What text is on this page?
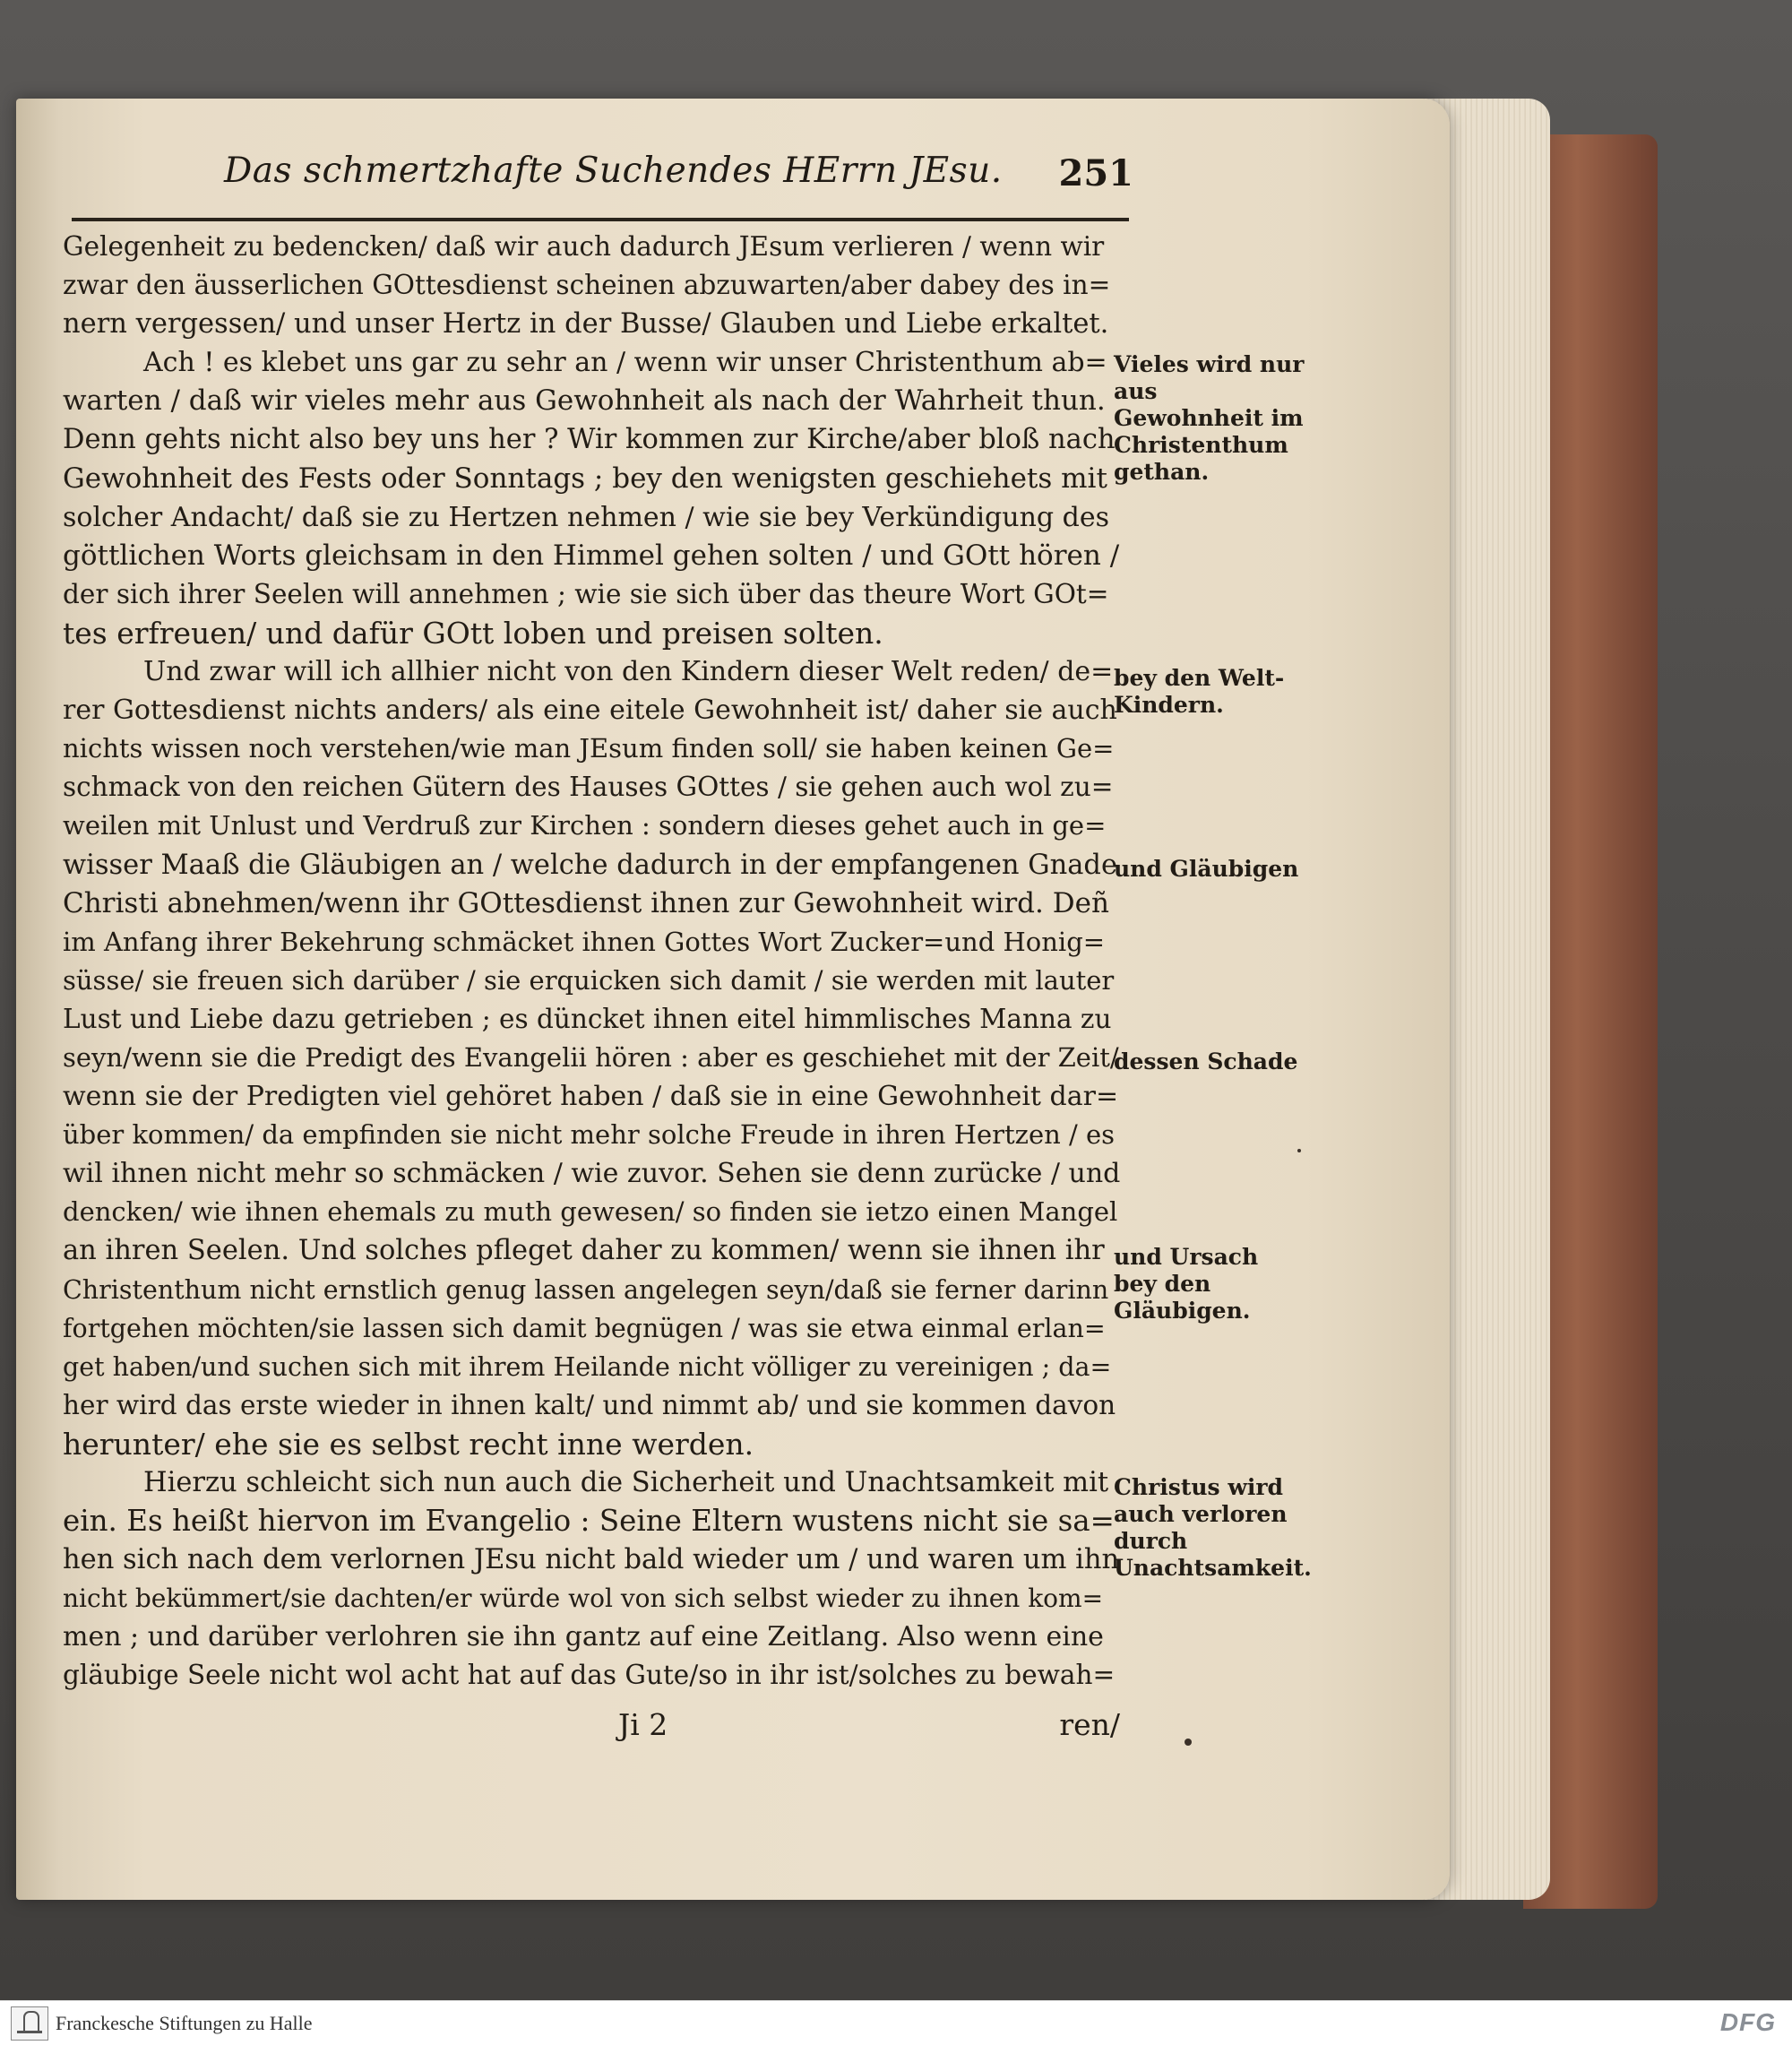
Das schmertzhafte Suchendes HErrn JEsu. 251
Gelegenheit zu bedencken/ daß wir auch dadurch JEsum verlieren / wenn wir
zwar den äusserlichen GOttesdienst scheinen abzuwarten/aber dabey des in=
nern vergessen/ und unser Hertz in der Busse/ Glauben und Liebe erkaltet.
Ach ! es klebet uns gar zu sehr an / wenn wir unser Christenthum ab=
warten / daß wir vieles mehr aus Gewohnheit als nach der Wahrheit thun.
Denn gehts nicht also bey uns her ? Wir kommen zur Kirche/aber bloß nach
Gewohnheit des Fests oder Sonntags ; bey den wenigsten geschiehets mit
solcher Andacht/ daß sie zu Hertzen nehmen / wie sie bey Verkündigung des
göttlichen Worts gleichsam in den Himmel gehen solten / und GOtt hören /
der sich ihrer Seelen will annehmen ; wie sie sich über das theure Wort GOt=
tes erfreuen/ und dafür GOtt loben und preisen solten.
Und zwar will ich allhier nicht von den Kindern dieser Welt reden/ de=
rer Gottesdienst nichts anders/ als eine eitele Gewohnheit ist/ daher sie auch
nichts wissen noch verstehen/wie man JEsum finden soll/ sie haben keinen Ge=
schmack von den reichen Gütern des Hauses GOttes / sie gehen auch wol zu=
weilen mit Unlust und Verdruß zur Kirchen : sondern dieses gehet auch in ge=
wisser Maaß die Gläubigen an / welche dadurch in der empfangenen Gnade
Christi abnehmen/wenn ihr GOttesdienst ihnen zur Gewohnheit wird. Deñ
im Anfang ihrer Bekehrung schmäcket ihnen Gottes Wort Zucker=und Honig=
süsse/ sie freuen sich darüber / sie erquicken sich damit / sie werden mit lauter
Lust und Liebe dazu getrieben ; es düncket ihnen eitel himmlisches Manna zu
seyn/wenn sie die Predigt des Evangelii hören : aber es geschiehet mit der Zeit/
wenn sie der Predigten viel gehöret haben / daß sie in eine Gewohnheit dar=
über kommen/ da empfinden sie nicht mehr solche Freude in ihren Hertzen / es
wil ihnen nicht mehr so schmäcken / wie zuvor. Sehen sie denn zurücke / und
dencken/ wie ihnen ehemals zu muth gewesen/ so finden sie ietzo einen Mangel
an ihren Seelen. Und solches pfleget daher zu kommen/ wenn sie ihnen ihr
Christenthum nicht ernstlich genug lassen angelegen seyn/daß sie ferner darinn
fortgehen möchten/sie lassen sich damit begnügen / was sie etwa einmal erlan=
get haben/und suchen sich mit ihrem Heilande nicht völliger zu vereinigen ; da=
her wird das erste wieder in ihnen kalt/ und nimmt ab/ und sie kommen davon
herunter/ ehe sie es selbst recht inne werden.
Hierzu schleicht sich nun auch die Sicherheit und Unachtsamkeit mit
ein. Es heißt hiervon im Evangelio : Seine Eltern wustens nicht sie sa=
hen sich nach dem verlornen JEsu nicht bald wieder um / und waren um ihn
nicht bekümmert/sie dachten/er würde wol von sich selbst wieder zu ihnen kom=
men ; und darüber verlohren sie ihn gantz auf eine Zeitlang. Also wenn eine
gläubige Seele nicht wol acht hat auf das Gute/so in ihr ist/solches zu bewah=
Vieles wird nur aus Gewohnheit im Christenthum gethan.
bey den Welt-Kindern.
und Gläubigen
dessen Schade
und Ursach bey den Gläubigen.
Christus wird auch verloren durch Unachtsamkeit.
Ji 2	ren/
Franckesche Stiftungen zu Halle	DFG
